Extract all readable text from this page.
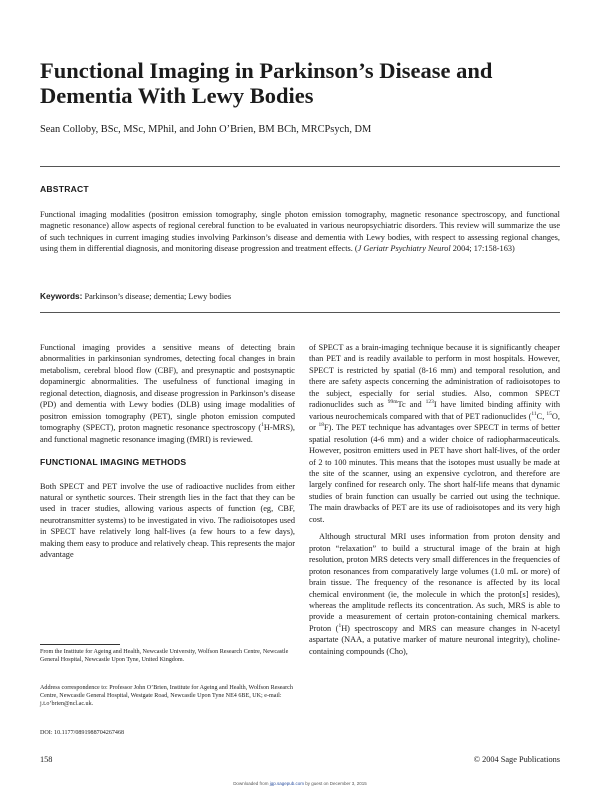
Functional Imaging in Parkinson’s Disease and Dementia With Lewy Bodies
Sean Colloby, BSc, MSc, MPhil, and John O’Brien, BM BCh, MRCPsych, DM
ABSTRACT
Functional imaging modalities (positron emission tomography, single photon emission tomography, magnetic resonance spectroscopy, and functional magnetic resonance) allow aspects of regional cerebral function to be evaluated in various neuropsychiatric disorders. This review will summarize the use of such techniques in current imaging studies involving Parkinson’s disease and dementia with Lewy bodies, with respect to assessing regional changes, using them in differential diagnosis, and monitoring disease progression and treatment effects. (J Geriatr Psychiatry Neurol 2004; 17:158-163)
Keywords: Parkinson’s disease; dementia; Lewy bodies

Functional imaging provides a sensitive means of detecting brain abnormalities in parkinsonian syndromes, detecting focal changes in brain metabolism, cerebral blood flow (CBF), and presynaptic and postsynaptic dopaminergic abnormalities. The usefulness of functional imaging in regional detection, diagnosis, and disease progression in Parkinson’s disease (PD) and dementia with Lewy bodies (DLB) using image modalities of positron emission tomography (PET), single photon emission computed tomography (SPECT), proton magnetic resonance spectroscopy ($^1$H-MRS), and functional magnetic resonance imaging (fMRI) is reviewed.

FUNCTIONAL IMAGING METHODS

Both SPECT and PET involve the use of radioactive nuclides from either natural or synthetic sources. Their strength lies in the fact that they can be used in tracer studies, allowing various aspects of function (eg, CBF, neurotransmitter systems) to be investigated in vivo. The radioisotopes used in SPECT have relatively long half-lives (a few hours to a few days), making them easy to produce and relatively cheap. This represents the major advantage

of SPECT as a brain-imaging technique because it is significantly cheaper than PET and is readily available to perform in most hospitals. However, SPECT is restricted by spatial (8-16 mm) and temporal resolution, and there are safety aspects concerning the administration of radioisotopes to the subject, especially for serial studies. Also, common SPECT radionuclides such as $^{99m}$Tc and $^{123}$I have limited binding affinity with various neurochemicals compared with that of PET radionuclides ($^{11}$C, $^{15}$O, or $^{18}$F). The PET technique has advantages over SPECT in terms of better spatial resolution (4-6 mm) and a wider choice of radiopharmaceuticals. However, positron emitters used in PET have short half-lives, of the order of 2 to 100 minutes. This means that the isotopes must usually be made at the site of the scanner, using an expensive cyclotron, and therefore are largely confined for research only. The short half-life means that dynamic studies of brain function can usually be carried out using the technique. The main drawbacks of PET are its use of radioisotopes and its very high cost.

Although structural MRI uses information from proton density and proton “relaxation” to build a structural image of the brain at high resolution, proton MRS detects very small differences in the frequencies of proton resonances from comparatively large volumes (1.0 mL or more) of brain tissue. The frequency of the resonance is affected by its local chemical environment (ie, the molecule in which the proton[s] resides), whereas the amplitude reflects its concentration. As such, MRS is able to provide a measurement of certain proton-containing chemical markers. Proton ($^1$H) spectroscopy and MRS can measure changes in N-acetyl aspartate (NAA, a putative marker of mature neuronal integrity), choline-containing compounds (Cho),

From the Institute for Ageing and Health, Newcastle University, Wolfson Research Centre, Newcastle General Hospital, Newcastle Upon Tyne, United Kingdom.
Address correspondence to: Professor John O’Brien, Institute for Ageing and Health, Wolfson Research Centre, Newcastle General Hospital, Westgate Road, Newcastle Upon Tyne NE4 6BE, UK; e-mail: j.t.o’brien@ncl.ac.uk.
DOI: 10.1177/0891988704267468
158	© 2004 Sage Publications
Downloaded from jgp.sagepub.com by guest on December 3, 2015
